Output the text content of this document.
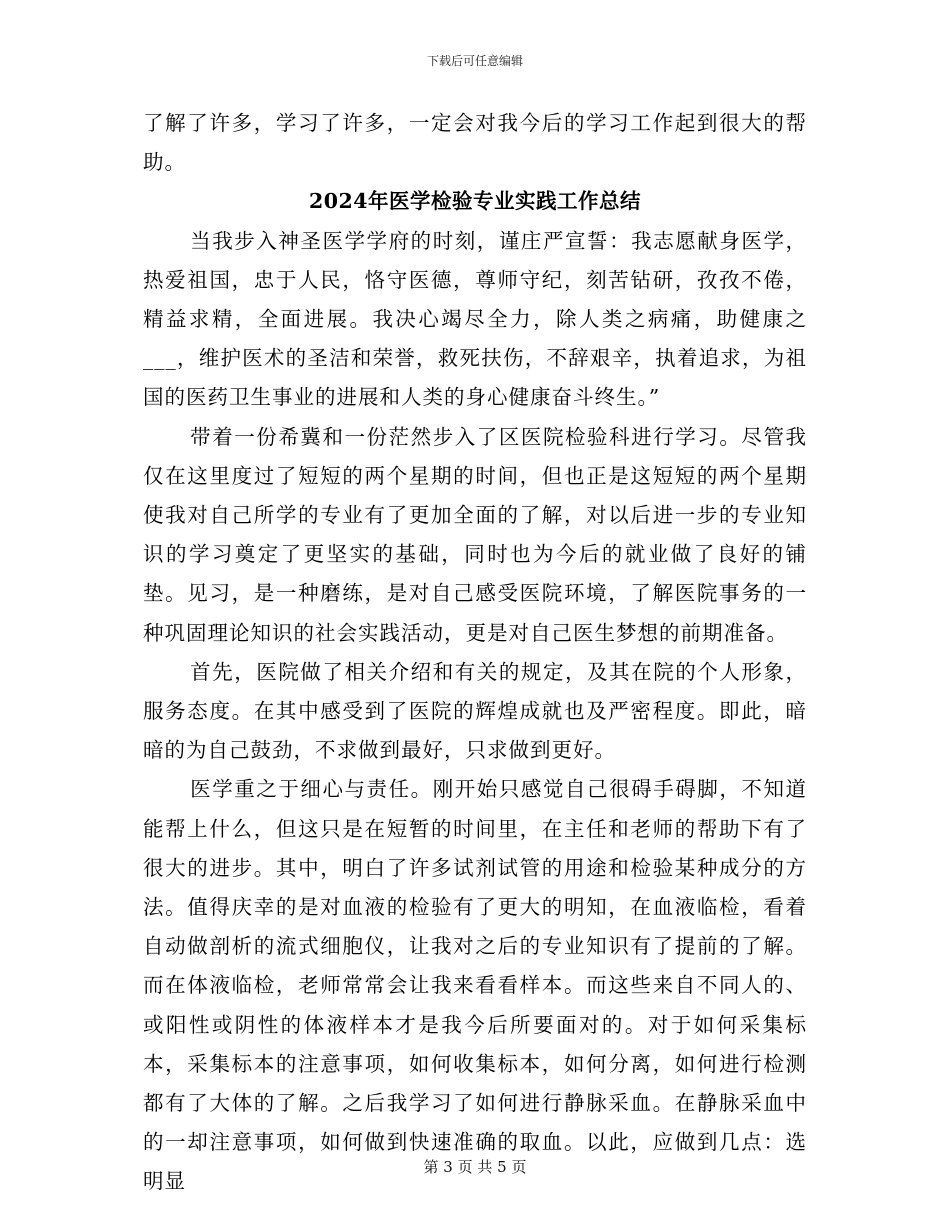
下载后可任意编辑

了解了许多，学习了许多，一定会对我今后的学习工作起到很大的帮助。

2024年医学检验专业实践工作总结

当我步入神圣医学学府的时刻，谨庄严宣誓：我志愿献身医学，热爱祖国，忠于人民，恪守医德，尊师守纪，刻苦钻研，孜孜不倦，精益求精，全面进展。我决心竭尽全力，除人类之病痛，助健康之___，维护医术的圣洁和荣誉，救死扶伤，不辞艰辛，执着追求，为祖国的医药卫生事业的进展和人类的身心健康奋斗终生。”

带着一份希冀和一份茫然步入了区医院检验科进行学习。尽管我仅在这里度过了短短的两个星期的时间，但也正是这短短的两个星期使我对自己所学的专业有了更加全面的了解，对以后进一步的专业知识的学习奠定了更坚实的基础，同时也为今后的就业做了良好的铺垫。见习，是一种磨练，是对自己感受医院环境，了解医院事务的一种巩固理论知识的社会实践活动，更是对自己医生梦想的前期准备。

首先，医院做了相关介绍和有关的规定，及其在院的个人形象，服务态度。在其中感受到了医院的辉煌成就也及严密程度。即此，暗暗的为自己鼓劲，不求做到最好，只求做到更好。

医学重之于细心与责任。刚开始只感觉自己很碍手碍脚，不知道能帮上什么，但这只是在短暂的时间里，在主任和老师的帮助下有了很大的进步。其中，明白了许多试剂试管的用途和检验某种成分的方法。值得庆幸的是对血液的检验有了更大的明知，在血液临检，看着自动做剖析的流式细胞仪，让我对之后的专业知识有了提前的了解。而在体液临检，老师常常会让我来看看样本。而这些来自不同人的、或阳性或阴性的体液样本才是我今后所要面对的。对于如何采集标本，采集标本的注意事项，如何收集标本，如何分离，如何进行检测都有了大体的了解。之后我学习了如何进行静脉采血。在静脉采血中的一却注意事项，如何做到快速准确的取血。以此，应做到几点：选明显

第 3 页 共 5 页
